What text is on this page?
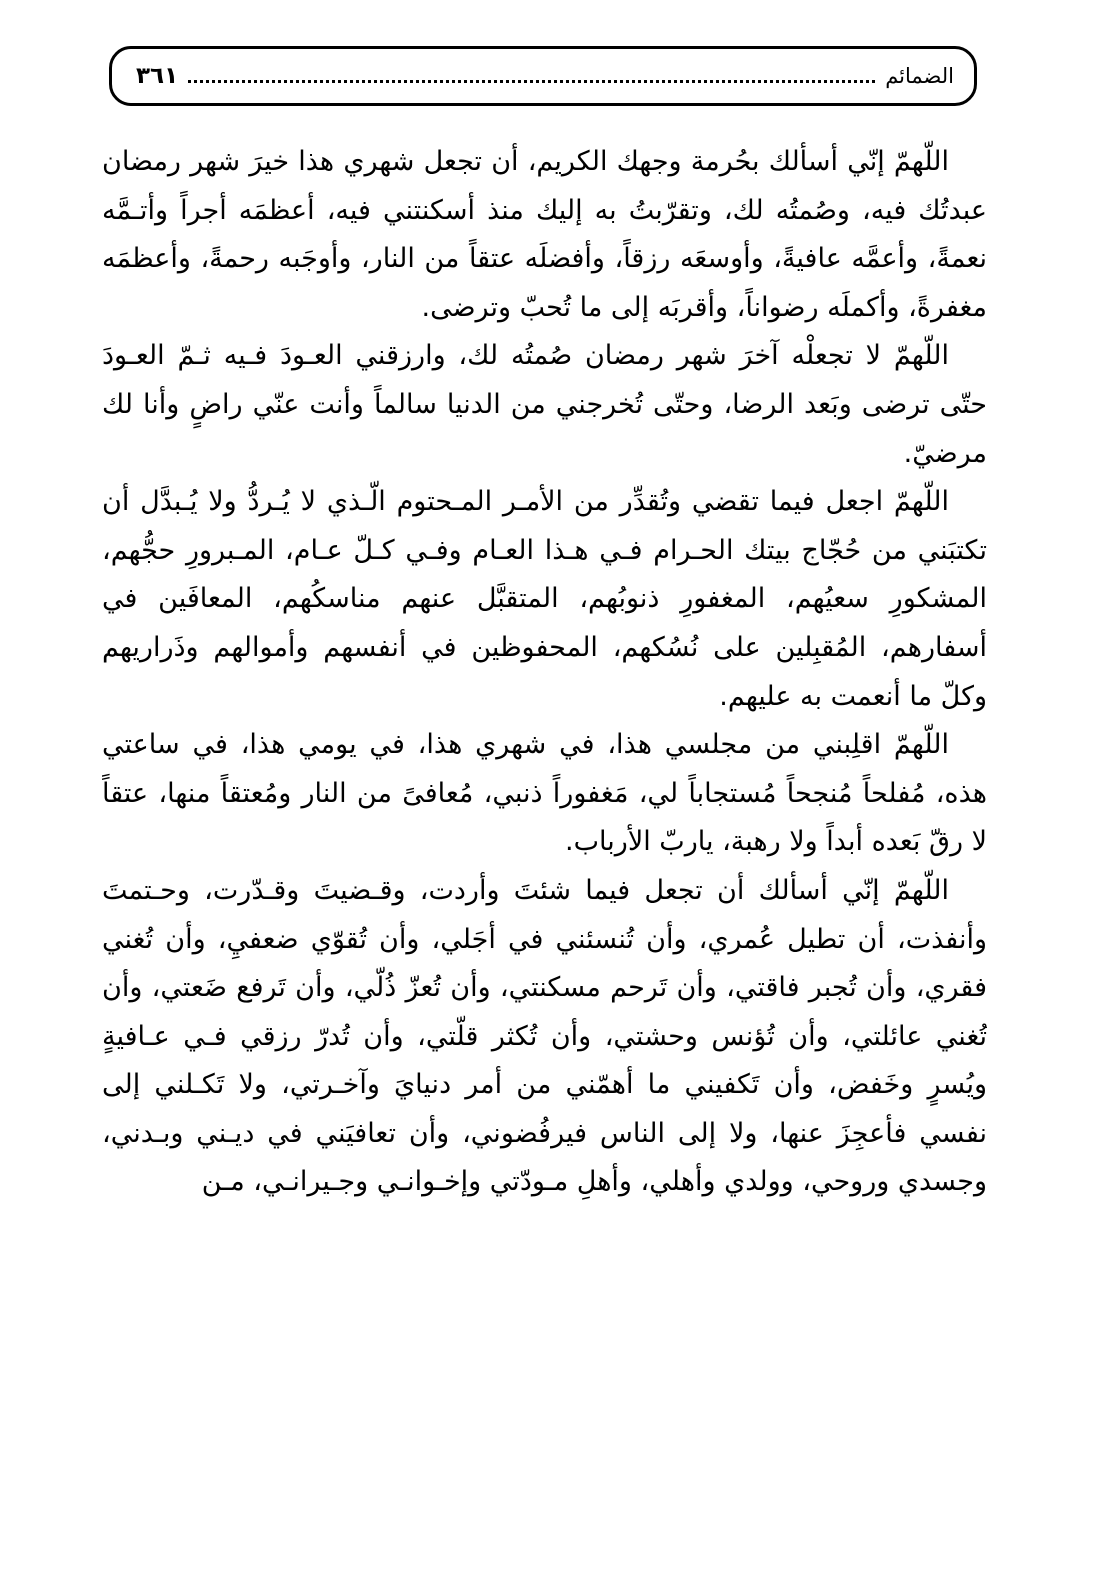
الضمائم
٣٦١

اللّهمّ إنّي أسألك بحُرمة وجهك الكريم، أن تجعل شهري هذا خيرَ شهر رمضان عبدتُك فيه، وصُمتُه لك، وتقرّبتُ به إليك منذ أسكنتني فيه، أعظمَه أجراً وأتـمَّه نعمةً، وأعمَّه عافيةً، وأوسعَه رزقاً، وأفضلَه عتقاً من النار، وأوجَبه رحمةً، وأعظمَه مغفرةً، وأكملَه رضواناً، وأقربَه إلى ما تُحبّ وترضى.

اللّهمّ لا تجعلْه آخرَ شهر رمضان صُمتُه لك، وارزقني العـودَ فـيه ثـمّ العـودَ حتّى ترضى وبَعد الرضا، وحتّى تُخرجني من الدنيا سالماً وأنت عنّي راضٍ وأنا لك مرضيّ.

اللّهمّ اجعل فيما تقضي وتُقدِّر من الأمـر المـحتوم الّـذي لا يُـردُّ ولا يُـبدَّل أن تكتبَني من حُجّاج بيتك الحـرام فـي هـذا العـام وفـي كـلّ عـام، المـبرورِ حجُّهم، المشكورِ سعيُهم، المغفورِ ذنوبُهم، المتقبَّل عنهم مناسكُهم، المعافَين في أسفارهم، المُقبِلين على نُسُكهم، المحفوظين في أنفسهم وأموالهم وذَراريهم وكلّ ما أنعمت به عليهم.

اللّهمّ اقلِبني من مجلسي هذا، في شهري هذا، في يومي هذا، في ساعتي هذه، مُفلحاً مُنجحاً مُستجاباً لي، مَغفوراً ذنبي، مُعافىً من النار ومُعتقاً منها، عتقاً لا رقّ بَعده أبداً ولا رهبة، ياربّ الأرباب.

اللّهمّ إنّي أسألك أن تجعل فيما شئتَ وأردت، وقـضيتَ وقـدّرت، وحـتمتَ وأنفذت، أن تطيل عُمري، وأن تُنسئني في أجَلي، وأن تُقوّي ضعفيِ، وأن تُغني فقري، وأن تُجبر فاقتي، وأن تَرحم مسكنتي، وأن تُعزّ ذُلّي، وأن تَرفع ضَعتي، وأن تُغني عائلتي، وأن تُؤنس وحشتي، وأن تُكثر قلّتي، وأن تُدرّ رزقي فـي عـافيةٍ ويُسرٍ وخَفض، وأن تَكفيني ما أهمّني من أمر دنيايَ وآخـرتي، ولا تَكـلني إلى نفسي فأعجِزَ عنها، ولا إلى الناس فيرفُضوني، وأن تعافيَني في ديـني وبـدني، وجسدي وروحي، وولدي وأهلي، وأهلِ مـودّتي وإخـوانـي وجـيرانـي، مـن
